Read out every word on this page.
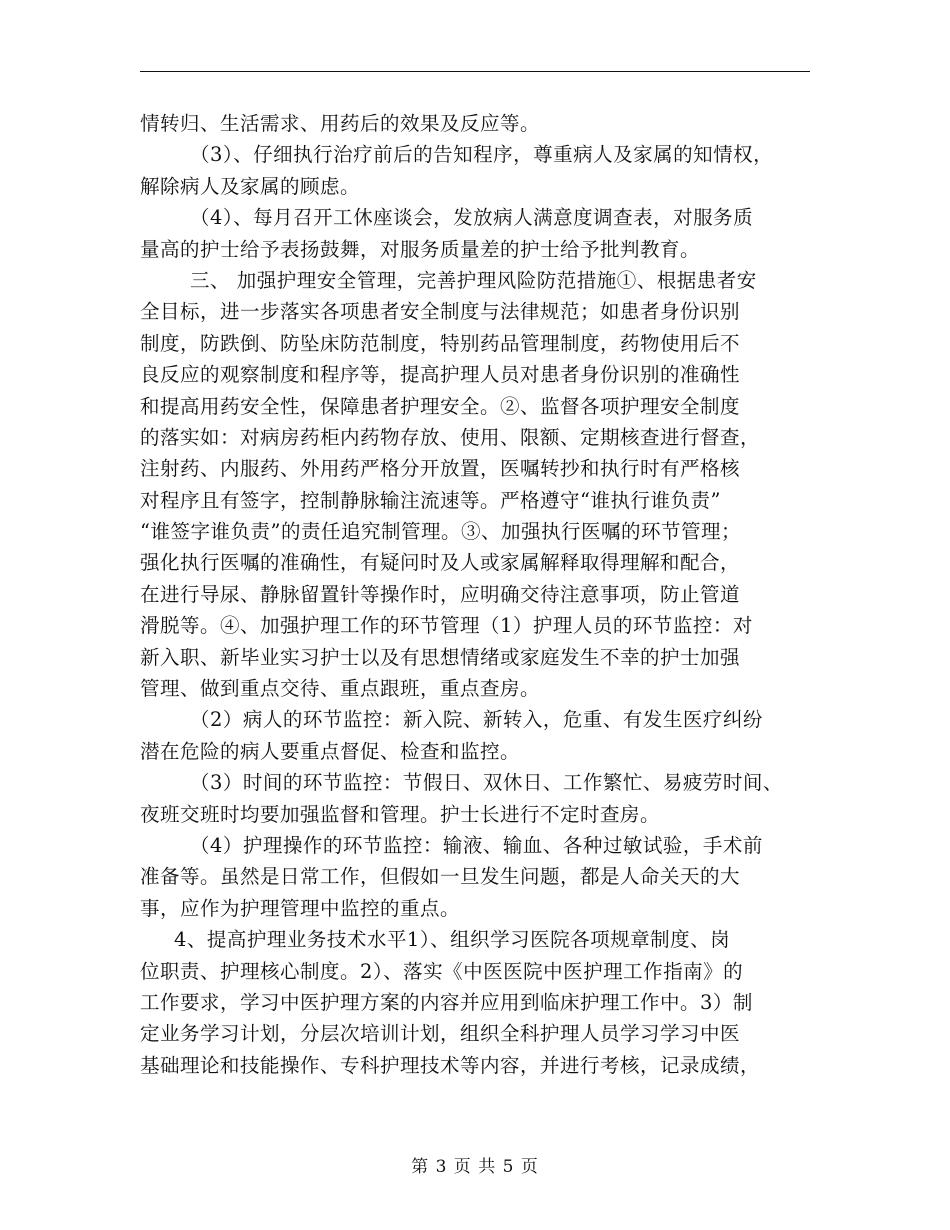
情转归、生活需求、用药后的效果及反应等。
（3）、仔细执行治疗前后的告知程序，尊重病人及家属的知情权，
解除病人及家属的顾虑。
（4）、每月召开工休座谈会，发放病人满意度调查表，对服务质
量高的护士给予表扬鼓舞，对服务质量差的护士给予批判教育。
三、 加强护理安全管理，完善护理风险防范措施①、根据患者安
全目标，进一步落实各项患者安全制度与法律规范；如患者身份识别
制度，防跌倒、防坠床防范制度，特别药品管理制度，药物使用后不
良反应的观察制度和程序等，提高护理人员对患者身份识别的准确性
和提高用药安全性，保障患者护理安全。②、监督各项护理安全制度
的落实如：对病房药柜内药物存放、使用、限额、定期核查进行督查，
注射药、内服药、外用药严格分开放置，医嘱转抄和执行时有严格核
对程序且有签字，控制静脉输注流速等。严格遵守“谁执行谁负责”
“谁签字谁负责”的责任追究制管理。③、加强执行医嘱的环节管理；
强化执行医嘱的准确性，有疑问时及人或家属解释取得理解和配合，
在进行导尿、静脉留置针等操作时，应明确交待注意事项，防止管道
滑脱等。④、加强护理工作的环节管理（1）护理人员的环节监控：对
新入职、新毕业实习护士以及有思想情绪或家庭发生不幸的护士加强
管理、做到重点交待、重点跟班，重点查房。
（2）病人的环节监控：新入院、新转入，危重、有发生医疗纠纷
潜在危险的病人要重点督促、检查和监控。
（3）时间的环节监控：节假日、双休日、工作繁忙、易疲劳时间、
夜班交班时均要加强监督和管理。护士长进行不定时查房。
（4）护理操作的环节监控：输液、输血、各种过敏试验，手术前
准备等。虽然是日常工作，但假如一旦发生问题，都是人命关天的大
事，应作为护理管理中监控的重点。
4、提高护理业务技术水平1）、组织学习医院各项规章制度、岗
位职责、护理核心制度。2）、落实《中医医院中医护理工作指南》的
工作要求，学习中医护理方案的内容并应用到临床护理工作中。3）制
定业务学习计划，分层次培训计划，组织全科护理人员学习学习中医
基础理论和技能操作、专科护理技术等内容，并进行考核，记录成绩，
第 3 页 共 5 页
